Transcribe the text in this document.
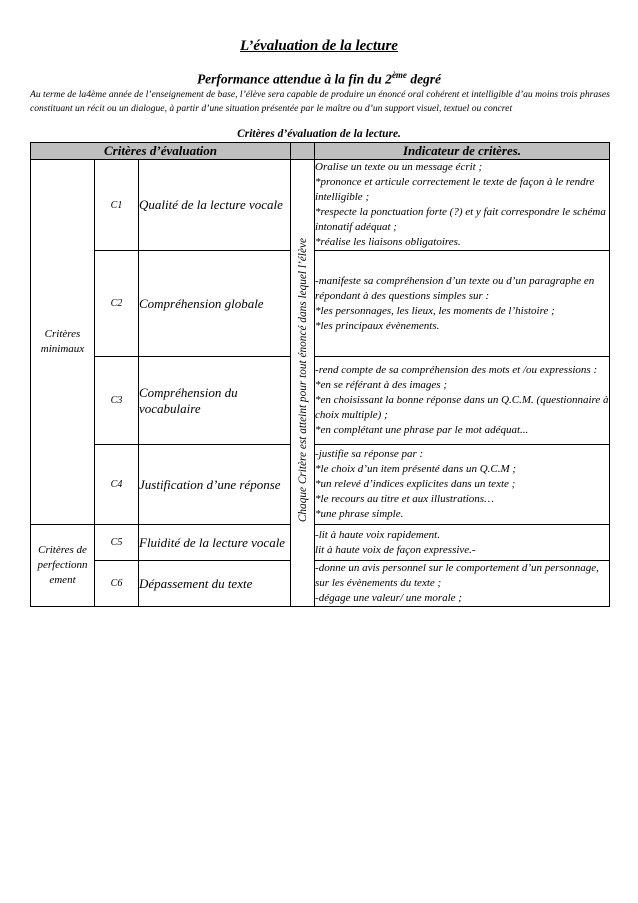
L’évaluation de la lecture
Performance attendue à la fin du 2ème degré
Au terme de la4ème année de l’enseignement de base, l’élève sera capable de produire un énoncé oral cohérent et intelligible d’au moins trois phrases constituant un récit ou un dialogue, à partir d’une situation présentée par le maître ou d’un support visuel, textuel ou concret
Critères d’évaluation de la lecture.
Critères d’évaluation				Indicateur de critères.
Critères minimaux	C1	Qualité de la lecture vocale	Chaque Critère est atteint pour tout énoncé dans lequel l’élève	Oralise un texte ou un message écrit ;
*prononce et articule correctement le texte de façon à le rendre intelligible ;
*respecte la ponctuation forte (?) et y fait correspondre le schéma intonatif adéquat ;
*réalise les liaisons obligatoires.

	C2	Compréhension globale		-manifeste sa compréhension d’un texte ou d’un paragraphe en répondant à des questions simples sur :
*les personnages, les lieux, les moments de l’histoire ;
*les principaux évènements.

	C3	Compréhension du vocabulaire		-rend compte de sa compréhension des mots et /ou expressions : *en se référant à des images ;
*en choisissant la bonne réponse dans un Q.C.M. (questionnaire à choix multiple) ;
*en complétant une phrase par le mot adéquat...

	C4	Justification d’une réponse		-justifie sa réponse par :
*le choix d’un item présenté dans un Q.C.M ;
*un relevé d’indices explicites dans un texte ;
*le recours au titre et aux illustrations…
*une phrase simple.

Critères de perfectionn ement	C5	Fluidité de la lecture vocale		-lit à haute voix rapidement.
lit à haute voix de façon expressive.-

	C6	Dépassement du texte		-donne un avis personnel sur le comportement d’un personnage, sur les évènements du texte ;
-dégage une valeur/ une morale ;
